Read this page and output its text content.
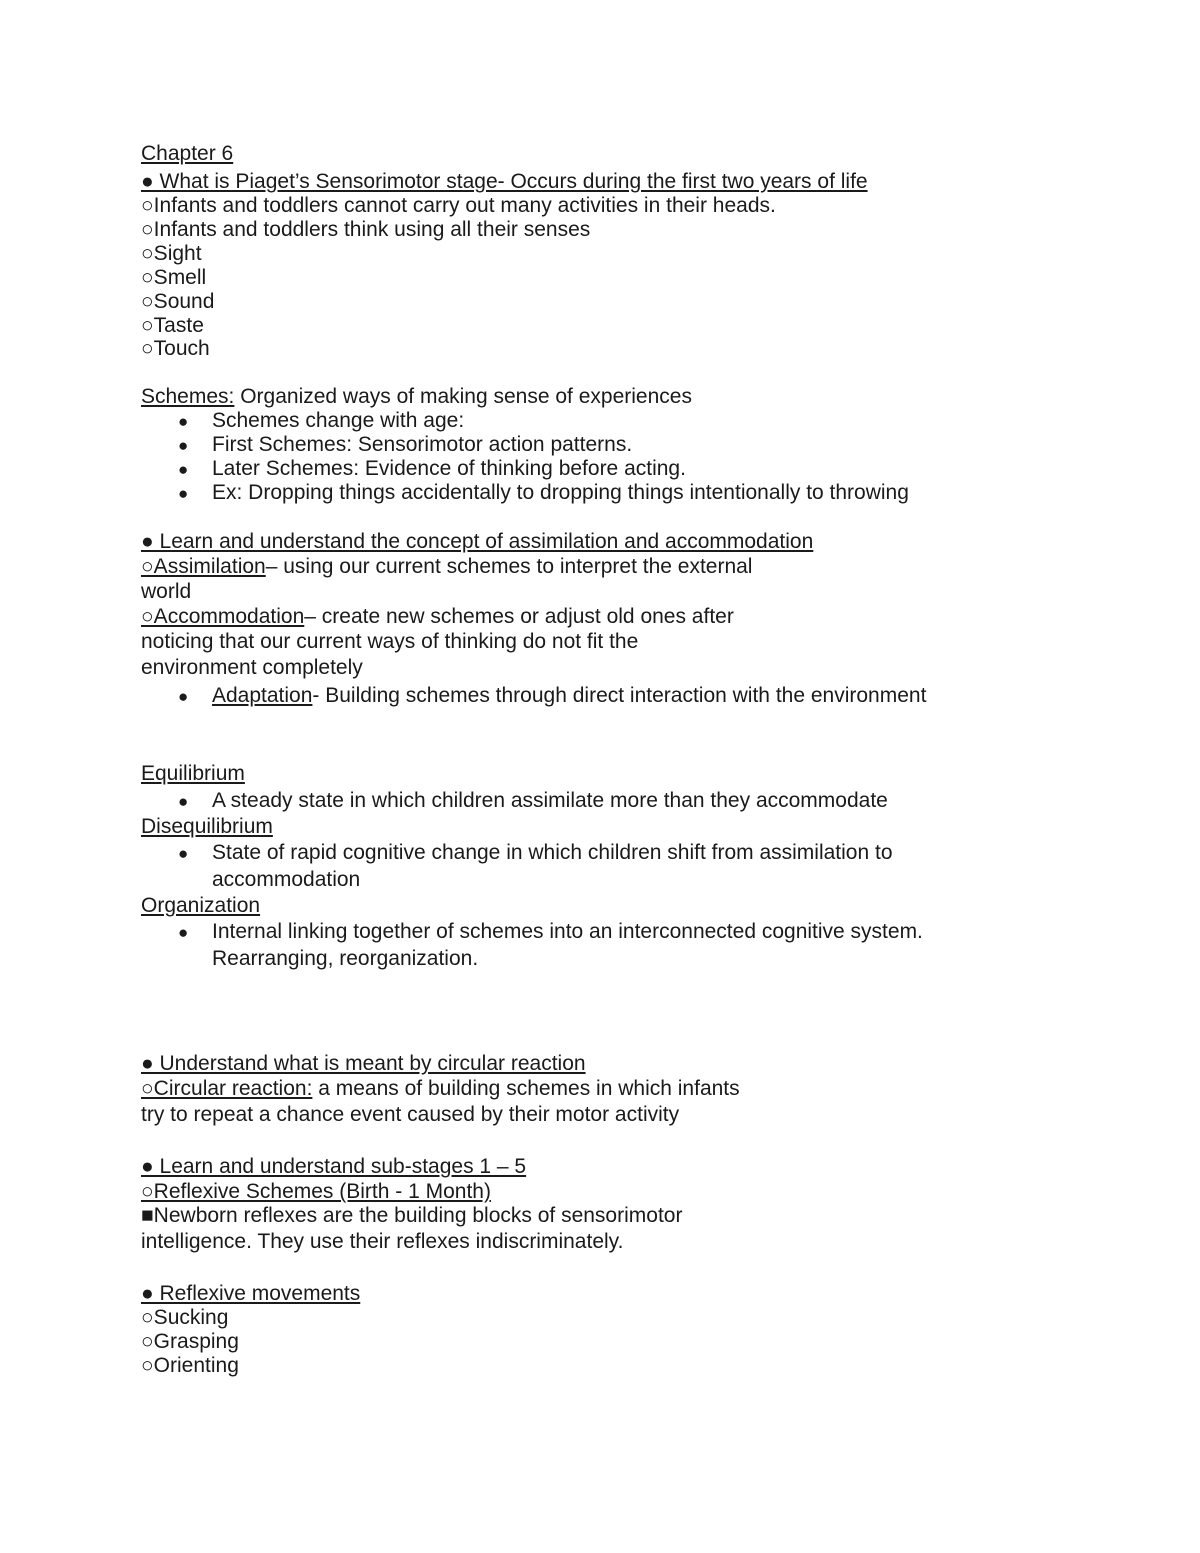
Chapter 6
● What is Piaget’s Sensorimotor stage- Occurs during the first two years of life
○Infants and toddlers cannot carry out many activities in their heads.
○Infants and toddlers think using all their senses
○Sight
○Smell
○Sound
○Taste
○Touch
Schemes: Organized ways of making sense of experiences
● Schemes change with age:
● First Schemes: Sensorimotor action patterns.
● Later Schemes: Evidence of thinking before acting.
● Ex: Dropping things accidentally to dropping things intentionally to throwing
● Learn and understand the concept of assimilation and accommodation
○Assimilation– using our current schemes to interpret the external
world
○Accommodation– create new schemes or adjust old ones after
noticing that our current ways of thinking do not fit the
environment completely
● Adaptation- Building schemes through direct interaction with the environment
Equilibrium
● A steady state in which children assimilate more than they accommodate
Disequilibrium
● State of rapid cognitive change in which children shift from assimilation to
accommodation
Organization
● Internal linking together of schemes into an interconnected cognitive system.
Rearranging, reorganization.
● Understand what is meant by circular reaction
○Circular reaction: a means of building schemes in which infants
try to repeat a chance event caused by their motor activity
● Learn and understand sub-stages 1 – 5
○Reflexive Schemes (Birth - 1 Month)
■Newborn reflexes are the building blocks of sensorimotor
intelligence. They use their reflexes indiscriminately.
● Reflexive movements
○Sucking
○Grasping
○Orienting
